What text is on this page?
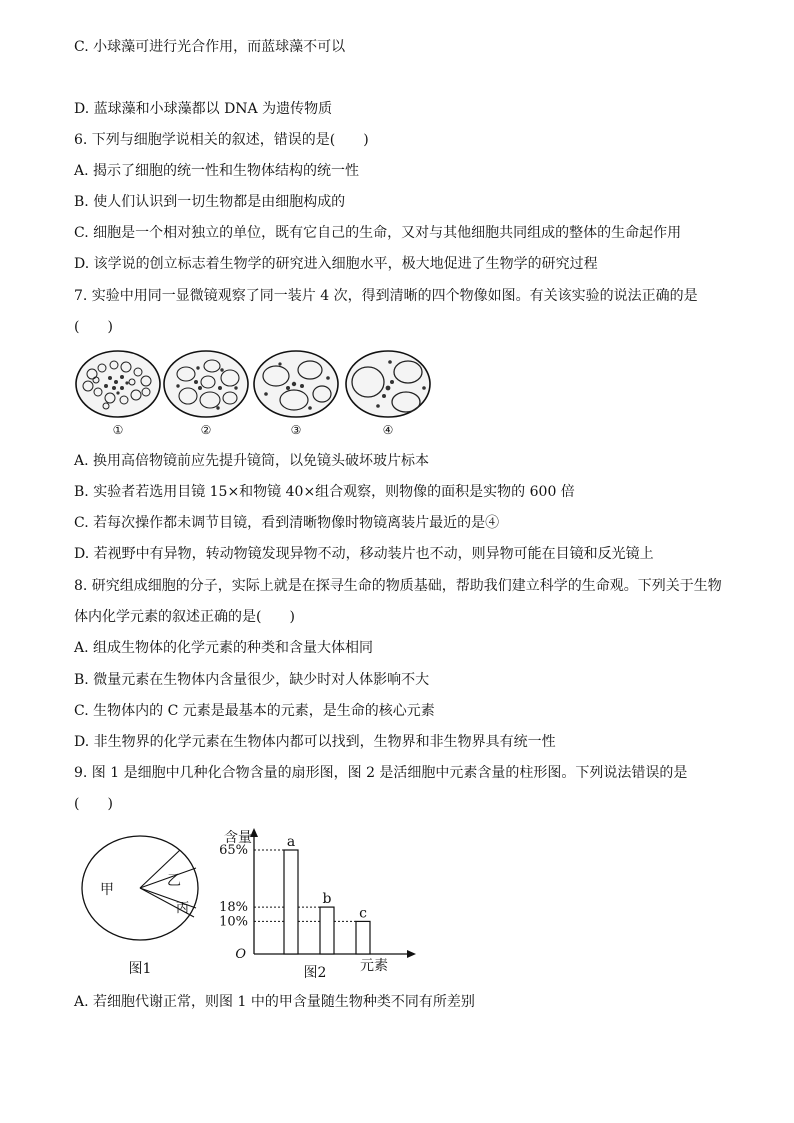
C. 小球藻可进行光合作用，而蓝球藻不可以
D. 蓝球藻和小球藻都以 DNA 为遗传物质
6. 下列与细胞学说相关的叙述，错误的是(　　)
A. 揭示了细胞的统一性和生物体结构的统一性
B. 使人们认识到一切生物都是由细胞构成的
C. 细胞是一个相对独立的单位，既有它自己的生命，又对与其他细胞共同组成的整体的生命起作用
D. 该学说的创立标志着生物学的研究进入细胞水平，极大地促进了生物学的研究过程
7. 实验中用同一显微镜观察了同一装片 4 次，得到清晰的四个物像如图。有关该实验的说法正确的是
(　　)
①	②	③	④
A. 换用高倍物镜前应先提升镜筒，以免镜头破坏玻片标本
B. 实验者若选用目镜 15×和物镜 40×组合观察，则物像的面积是实物的 600 倍
C. 若每次操作都未调节目镜，看到清晰物像时物镜离装片最近的是④
D. 若视野中有异物，转动物镜发现异物不动，移动装片也不动，则异物可能在目镜和反光镜上
8. 研究组成细胞的分子，实际上就是在探寻生命的物质基础，帮助我们建立科学的生命观。下列关于生物
体内化学元素的叙述正确的是(　　)
A. 组成生物体的化学元素的种类和含量大体相同
B. 微量元素在生物体内含量很少，缺少时对人体影响不大
C. 生物体内的 C 元素是最基本的元素，是生命的核心元素
D. 非生物界的化学元素在生物体内都可以找到，生物界和非生物界具有统一性
9. 图 1 是细胞中几种化合物含量的扇形图，图 2 是活细胞中元素含量的柱形图。下列说法错误的是
(　　)
甲
乙
丙
图1
含量
O
元素
图2
65%
18%
10%
a
b
c
A. 若细胞代谢正常，则图 1 中的甲含量随生物种类不同有所差别
